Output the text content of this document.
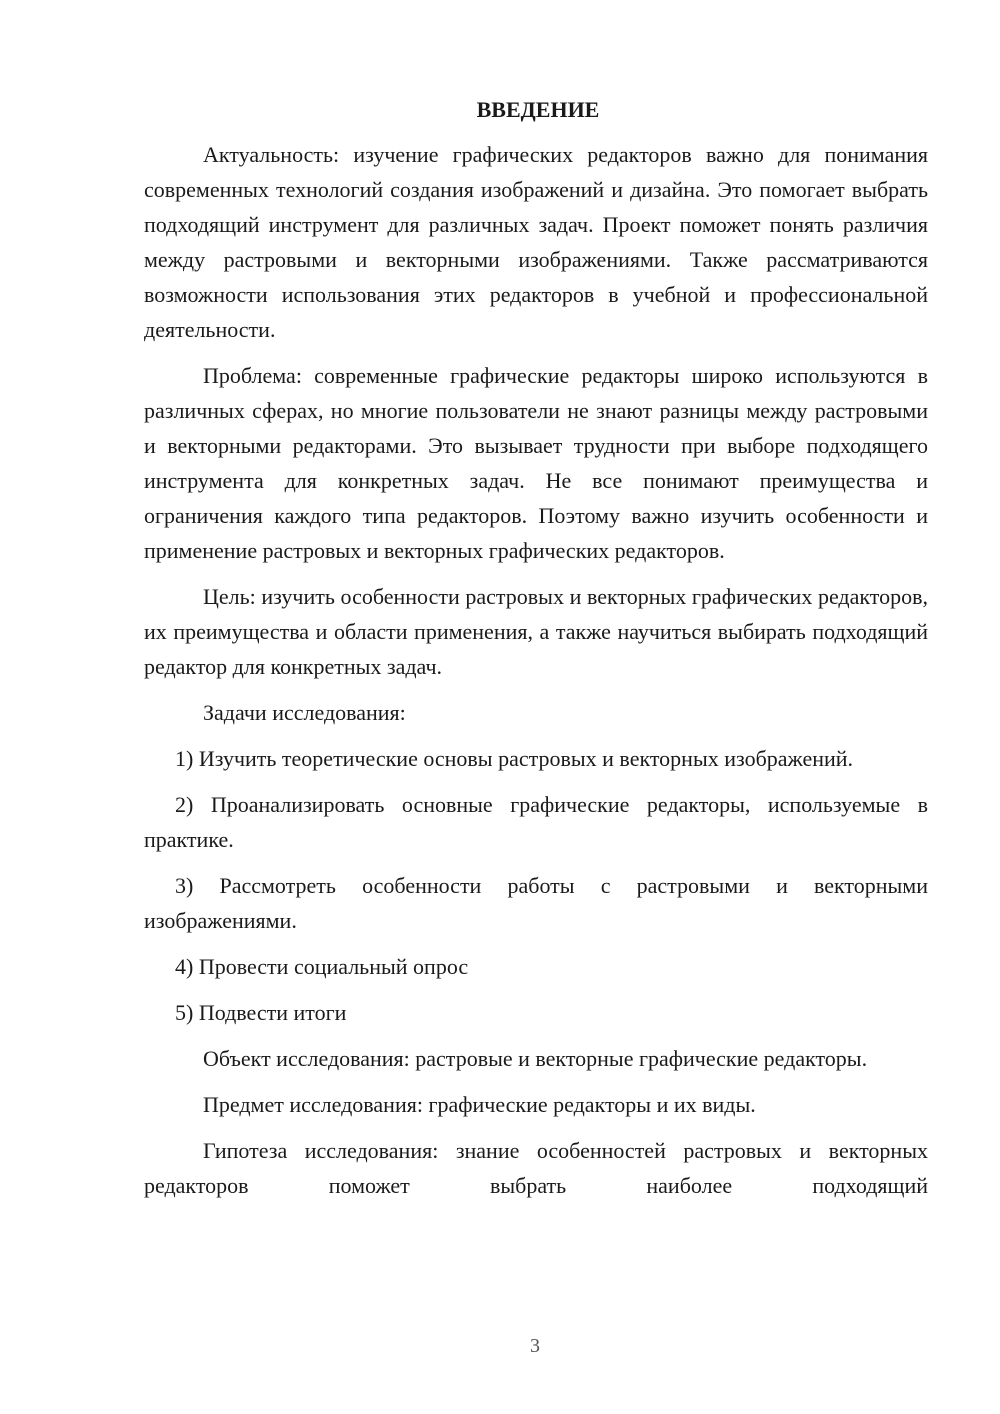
ВВЕДЕНИЕ

Актуальность: изучение графических редакторов важно для понимания современных технологий создания изображений и дизайна. Это помогает выбрать подходящий инструмент для различных задач. Проект поможет понять различия между растровыми и векторными изображениями. Также рассматриваются возможности использования этих редакторов в учебной и профессиональной деятельности.

Проблема: современные графические редакторы широко используются в различных сферах, но многие пользователи не знают разницы между растровыми и векторными редакторами. Это вызывает трудности при выборе подходящего инструмента для конкретных задач. Не все понимают преимущества и ограничения каждого типа редакторов. Поэтому важно изучить особенности и применение растровых и векторных графических редакторов.

Цель: изучить особенности растровых и векторных графических редакторов, их преимущества и области применения, а также научиться выбирать подходящий редактор для конкретных задач.

Задачи исследования:

1) Изучить теоретические основы растровых и векторных изображений.

2) Проанализировать основные графические редакторы, используемые в практике.

3) Рассмотреть особенности работы с растровыми и векторными изображениями.

4) Провести социальный опрос

5) Подвести итоги

Объект исследования: растровые и векторные графические редакторы.

Предмет исследования: графические редакторы и их виды.

Гипотеза исследования: знание особенностей растровых и векторных редакторов поможет выбрать наиболее подходящий

3
